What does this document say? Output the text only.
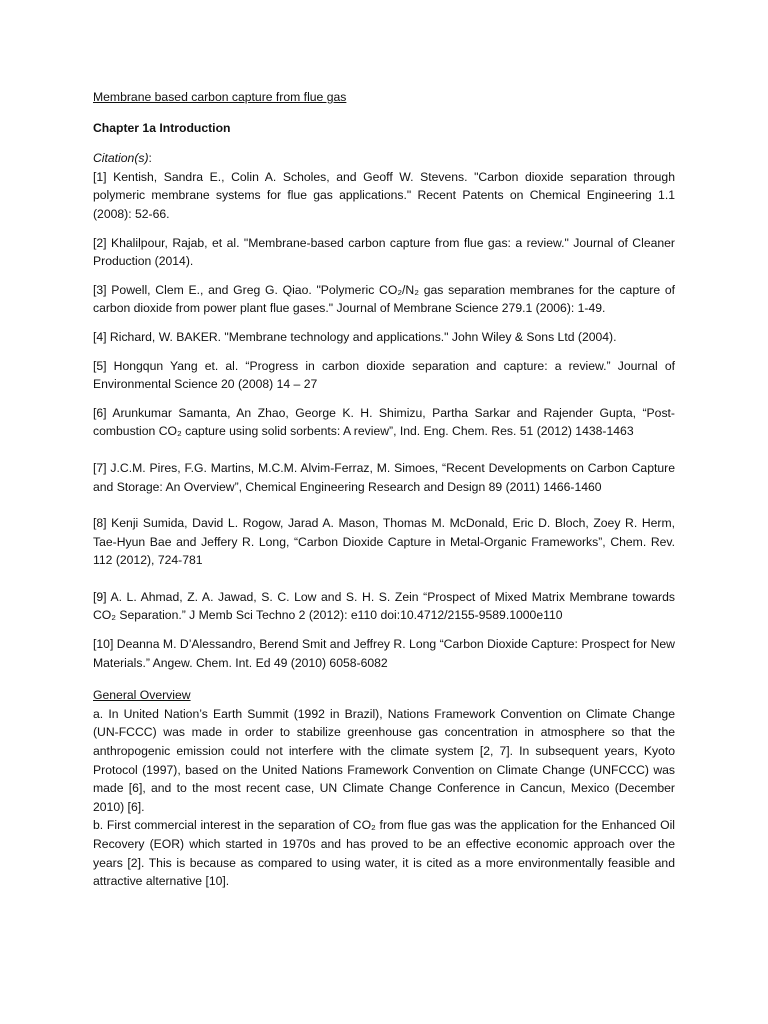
Membrane based carbon capture from flue gas
Chapter 1a Introduction
Citation(s):
[1] Kentish, Sandra E., Colin A. Scholes, and Geoff W. Stevens. "Carbon dioxide separation through polymeric membrane systems for flue gas applications." Recent Patents on Chemical Engineering 1.1 (2008): 52-66.
[2] Khalilpour, Rajab, et al. "Membrane-based carbon capture from flue gas: a review." Journal of Cleaner Production (2014).
[3] Powell, Clem E., and Greg G. Qiao. "Polymeric CO₂/N₂ gas separation membranes for the capture of carbon dioxide from power plant flue gases." Journal of Membrane Science 279.1 (2006): 1-49.
[4] Richard, W. BAKER. "Membrane technology and applications." John Wiley & Sons Ltd (2004).
[5] Hongqun Yang et. al. “Progress in carbon dioxide separation and capture: a review.” Journal of Environmental Science 20 (2008) 14 – 27
[6] Arunkumar Samanta, An Zhao, George K. H. Shimizu, Partha Sarkar and Rajender Gupta, “Post-combustion CO₂ capture using solid sorbents: A review”, Ind. Eng. Chem. Res. 51 (2012) 1438-1463
[7] J.C.M. Pires, F.G. Martins, M.C.M. Alvim-Ferraz, M. Simoes, “Recent Developments on Carbon Capture and Storage: An Overview”, Chemical Engineering Research and Design 89 (2011) 1466-1460
[8] Kenji Sumida, David L. Rogow, Jarad A. Mason, Thomas M. McDonald, Eric D. Bloch, Zoey R. Herm, Tae-Hyun Bae and Jeffery R. Long, “Carbon Dioxide Capture in Metal-Organic Frameworks”, Chem. Rev. 112 (2012), 724-781
[9] A. L. Ahmad, Z. A. Jawad, S. C. Low and S. H. S. Zein “Prospect of Mixed Matrix Membrane towards CO₂ Separation.” J Memb Sci Techno 2 (2012): e110 doi:10.4712/2155-9589.1000e110
[10] Deanna M. D’Alessandro, Berend Smit and Jeffrey R. Long “Carbon Dioxide Capture: Prospect for New Materials.” Angew. Chem. Int. Ed 49 (2010) 6058-6082
General Overview
a. In United Nation’s Earth Summit (1992 in Brazil), Nations Framework Convention on Climate Change (UN-FCCC) was made in order to stabilize greenhouse gas concentration in atmosphere so that the anthropogenic emission could not interfere with the climate system [2, 7]. In subsequent years, Kyoto Protocol (1997), based on the United Nations Framework Convention on Climate Change (UNFCCC) was made [6], and to the most recent case, UN Climate Change Conference in Cancun, Mexico (December 2010) [6].
b. First commercial interest in the separation of CO₂ from flue gas was the application for the Enhanced Oil Recovery (EOR) which started in 1970s and has proved to be an effective economic approach over the years [2]. This is because as compared to using water, it is cited as a more environmentally feasible and attractive alternative [10].
